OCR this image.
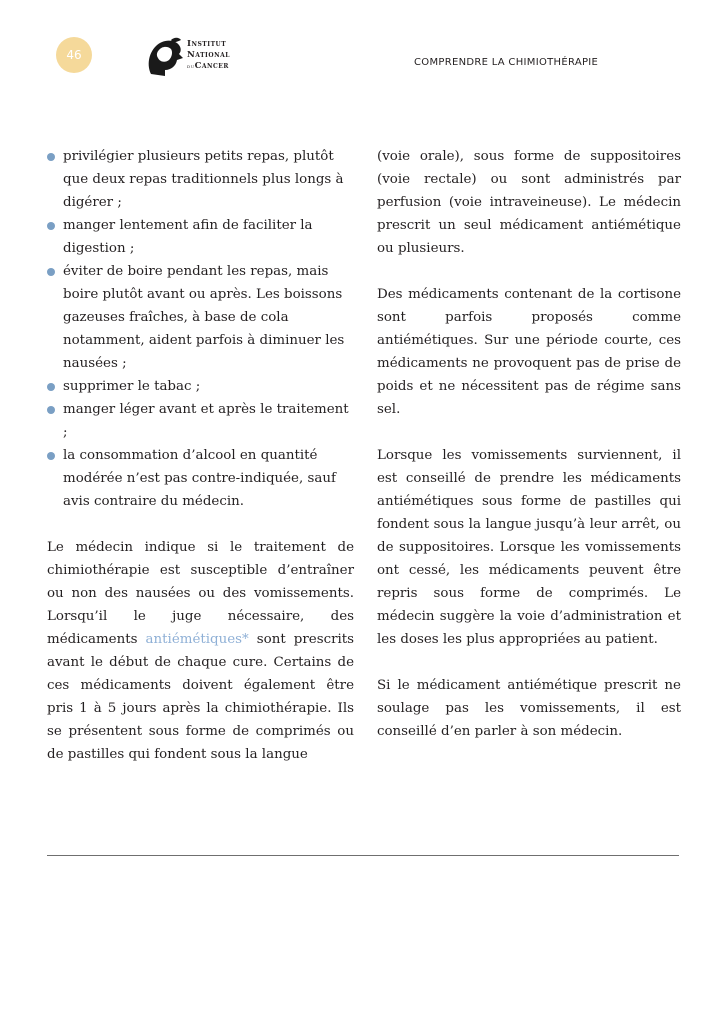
46
Institut
National
duCancer	COMPRENDRE LA CHIMIOTHÉRAPIE
privilégier plusieurs petits repas, plutôt que deux repas traditionnels plus longs à digérer ;
manger lentement afin de faciliter la digestion ;
éviter de boire pendant les repas, mais boire plutôt avant ou après. Les boissons gazeuses fraîches, à base de cola notamment, aident parfois à diminuer les nausées ;
supprimer le tabac ;
manger léger avant et après le traitement ;
la consommation d’alcool en quantité modérée n’est pas contre-indiquée, sauf avis contraire du médecin.

Le médecin indique si le traitement de chimiothérapie est susceptible d’entraîner ou non des nausées ou des vomissements. Lorsqu’il le juge nécessaire, des médicaments antiémétiques* sont prescrits avant le début de chaque cure. Certains de ces médicaments doivent également être pris 1 à 5 jours après la chimiothérapie. Ils se présentent sous forme de comprimés ou de pastilles qui fondent sous la langue

(voie orale), sous forme de suppositoires (voie rectale) ou sont administrés par perfusion (voie intraveineuse). Le médecin prescrit un seul médicament antiémétique ou plusieurs.

Des médicaments contenant de la cortisone sont parfois proposés comme antiémétiques. Sur une période courte, ces médicaments ne provoquent pas de prise de poids et ne nécessitent pas de régime sans sel.

Lorsque les vomissements surviennent, il est conseillé de prendre les médicaments antiémétiques sous forme de pastilles qui fondent sous la langue jusqu’à leur arrêt, ou de suppositoires. Lorsque les vomissements ont cessé, les médicaments peuvent être repris sous forme de comprimés. Le médecin suggère la voie d’administration et les doses les plus appropriées au patient.

Si le médicament antiémétique prescrit ne soulage pas les vomissements, il est conseillé d’en parler à son médecin.
